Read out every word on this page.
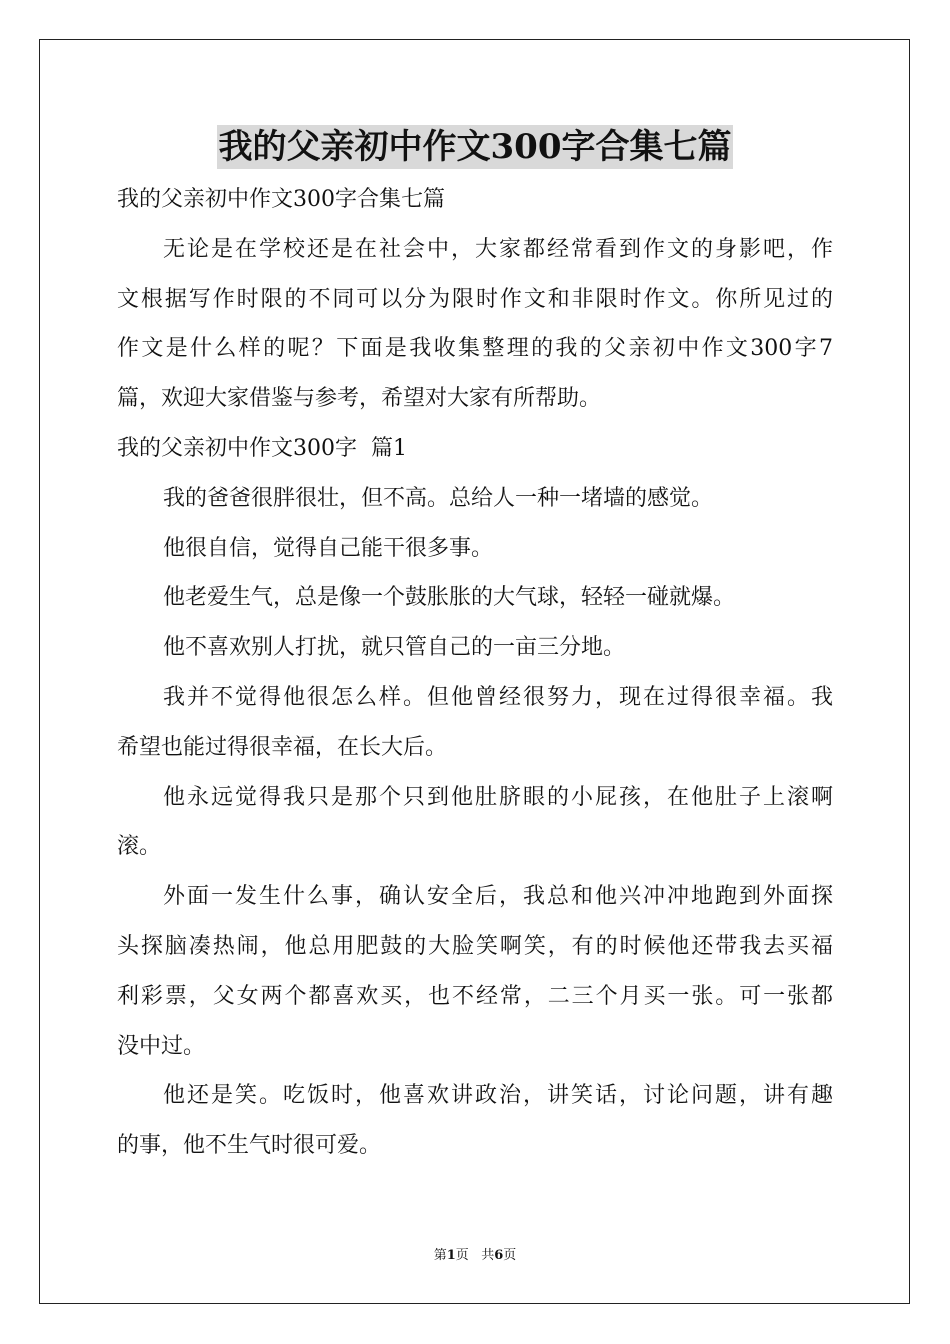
我的父亲初中作文300字合集七篇
我的父亲初中作文300字合集七篇
无论是在学校还是在社会中，大家都经常看到作文的身影吧，作
文根据写作时限的不同可以分为限时作文和非限时作文。你所见过的
作文是什么样的呢？下面是我收集整理的我的父亲初中作文300字7
篇，欢迎大家借鉴与参考，希望对大家有所帮助。
我的父亲初中作文300字  篇1
我的爸爸很胖很壮，但不高。总给人一种一堵墙的感觉。
他很自信，觉得自己能干很多事。
他老爱生气，总是像一个鼓胀胀的大气球，轻轻一碰就爆。
他不喜欢别人打扰，就只管自己的一亩三分地。
我并不觉得他很怎么样。但他曾经很努力，现在过得很幸福。我
希望也能过得很幸福，在长大后。
他永远觉得我只是那个只到他肚脐眼的小屁孩，在他肚子上滚啊
滚。
外面一发生什么事，确认安全后，我总和他兴冲冲地跑到外面探
头探脑凑热闹，他总用肥鼓的大脸笑啊笑，有的时候他还带我去买福
利彩票，父女两个都喜欢买，也不经常，二三个月买一张。可一张都
没中过。
他还是笑。吃饭时，他喜欢讲政治，讲笑话，讨论问题，讲有趣
的事，他不生气时很可爱。
第1页 共6页
